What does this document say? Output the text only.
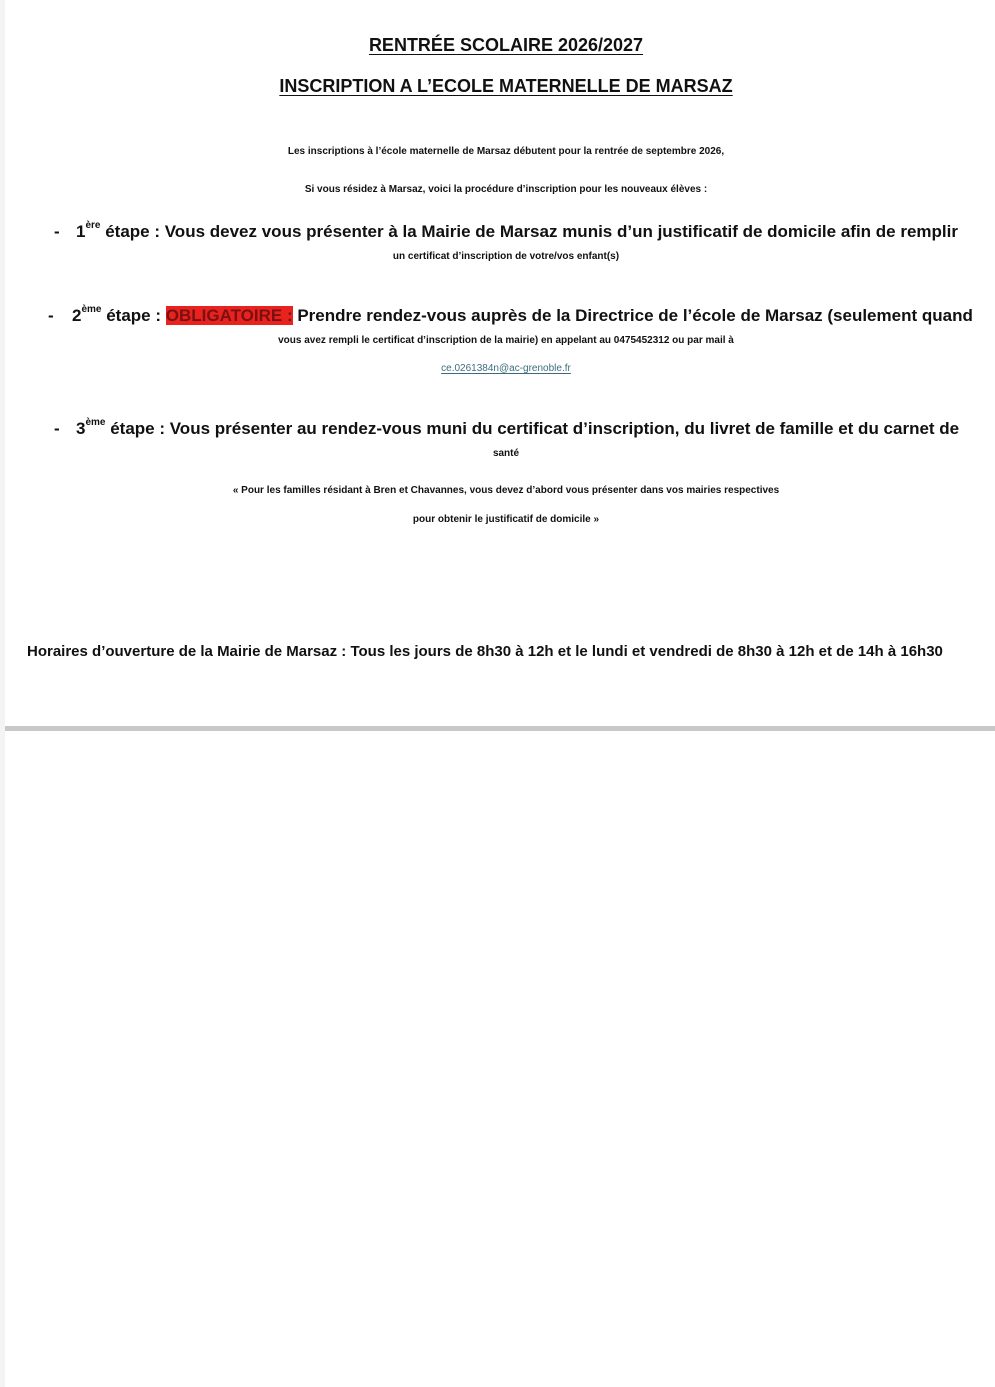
RENTRÉE SCOLAIRE 2026/2027
INSCRIPTION A L’ECOLE MATERNELLE DE MARSAZ
Les inscriptions à l’école maternelle de Marsaz débutent pour la rentrée de septembre 2026,
Si vous résidez à Marsaz, voici la procédure d’inscription pour les nouveaux élèves :
- 1ère étape : Vous devez vous présenter à la Mairie de Marsaz munis d’un justificatif de domicile afin de remplir
un certificat d’inscription de votre/vos enfant(s)
- 2ème étape : OBLIGATOIRE : Prendre rendez-vous auprès de la Directrice de l’école de Marsaz (seulement quand
vous avez rempli le certificat d’inscription de la mairie) en appelant au 0475452312 ou par mail à
ce.0261384n@ac-grenoble.fr
- 3ème étape : Vous présenter au rendez-vous muni du certificat d’inscription, du livret de famille et du carnet de
santé
« Pour les familles résidant à Bren et Chavannes, vous devez d’abord vous présenter dans vos mairies respectives
pour obtenir le justificatif de domicile »
Horaires d’ouverture de la Mairie de Marsaz : Tous les jours de 8h30 à 12h et le lundi et vendredi de 8h30 à 12h et de 14h à 16h30
